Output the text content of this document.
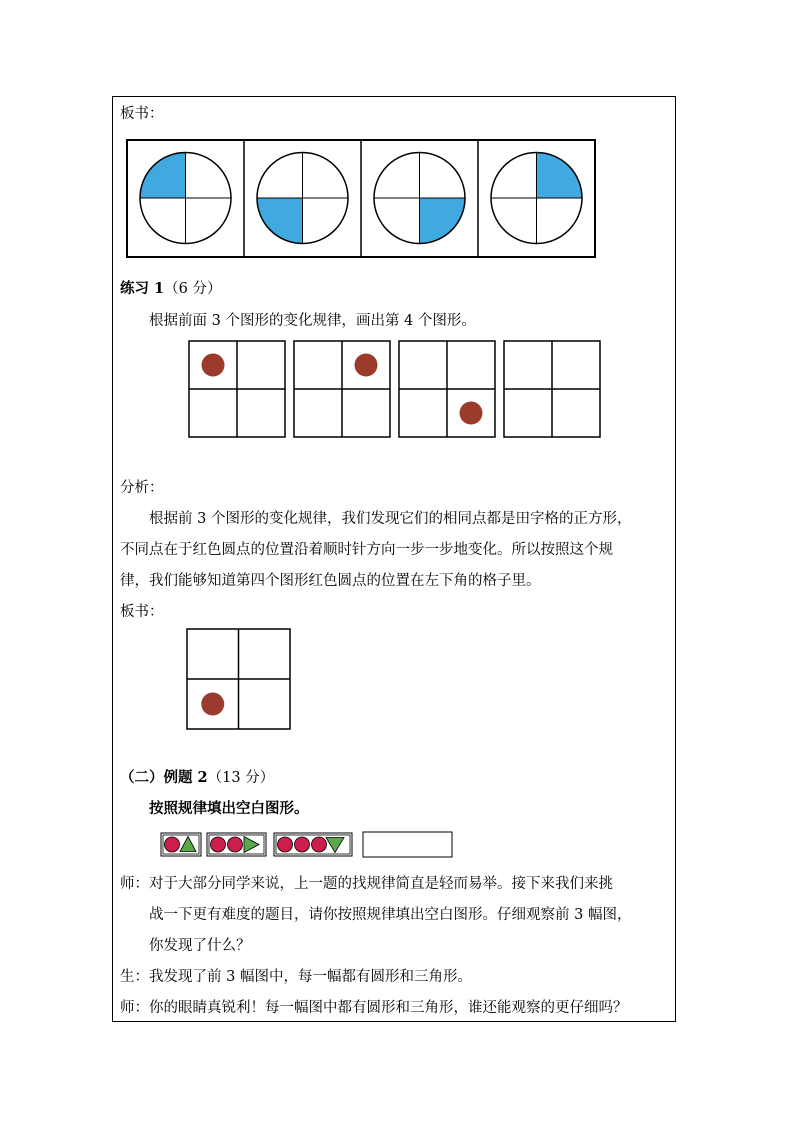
板书：
练习 1（6 分）
根据前面 3 个图形的变化规律，画出第 4 个图形。
分析：
根据前 3 个图形的变化规律，我们发现它们的相同点都是田字格的正方形，
不同点在于红色圆点的位置沿着顺时针方向一步一步地变化。所以按照这个规
律，我们能够知道第四个图形红色圆点的位置在左下角的格子里。
板书：
（二）例题 2（13 分）
按照规律填出空白图形。
师：对于大部分同学来说，上一题的找规律简直是轻而易举。接下来我们来挑
战一下更有难度的题目，请你按照规律填出空白图形。仔细观察前 3 幅图，
你发现了什么？
生：我发现了前 3 幅图中，每一幅都有圆形和三角形。
师：你的眼睛真锐利！每一幅图中都有圆形和三角形，谁还能观察的更仔细吗？
